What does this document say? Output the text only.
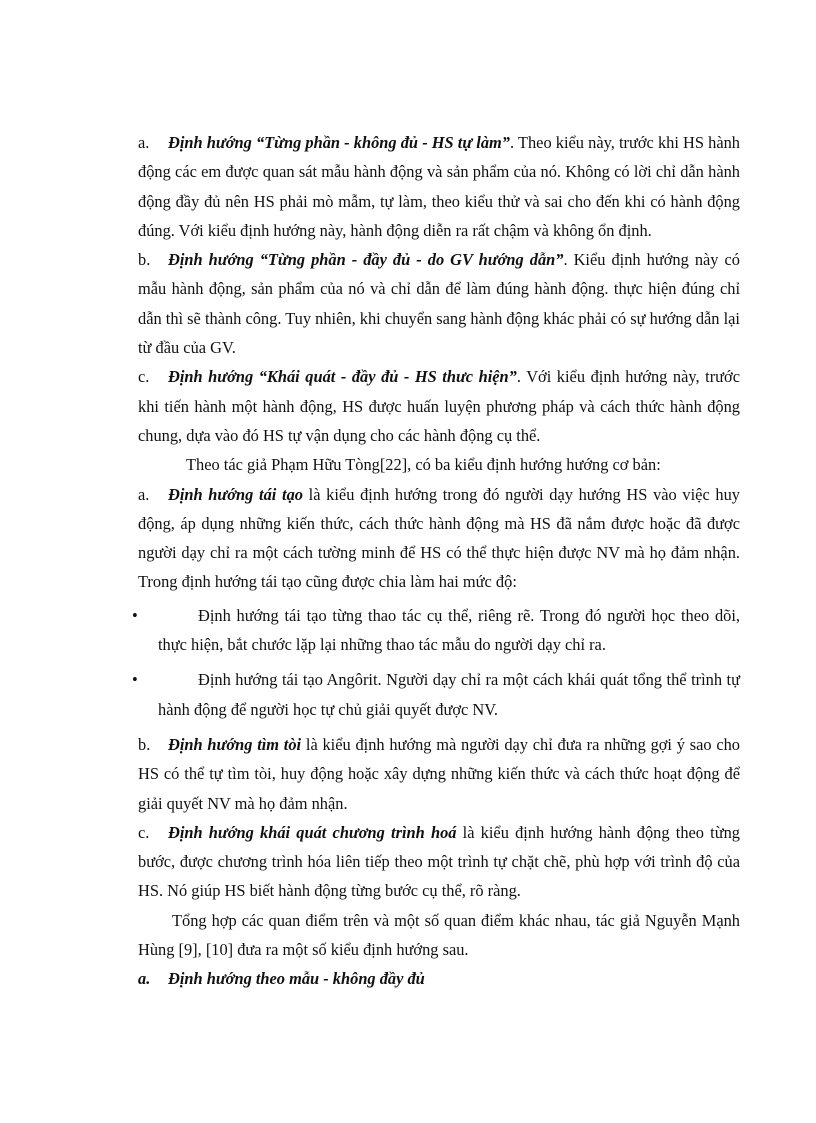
a. Định hướng “Từng phần - không đủ - HS tự làm”. Theo kiểu này, trước khi HS hành động các em được quan sát mẫu hành động và sản phẩm của nó. Không có lời chỉ dẫn hành động đầy đủ nên HS phải mò mẫm, tự làm, theo kiểu thử và sai cho đến khi có hành động đúng. Với kiểu định hướng này, hành động diễn ra rất chậm và không ổn định.

b. Định hướng “Từng phần - đầy đủ - do GV hướng dẫn”. Kiểu định hướng này có mẫu hành động, sản phẩm của nó và chỉ dẫn để làm đúng hành động. thực hiện đúng chỉ dẫn thì sẽ thành công. Tuy nhiên, khi chuyển sang hành động khác phải có sự hướng dẫn lại từ đầu của GV.

c. Định hướng “Khái quát - đầy đủ - HS thưc hiện”. Với kiểu định hướng này, trước khi tiến hành một hành động, HS được huấn luyện phương pháp và cách thức hành động chung, dựa vào đó HS tự vận dụng cho các hành động cụ thể.

Theo tác giả Phạm Hữu Tòng[22], có ba kiểu định hướng hướng cơ bản:

a. Định hướng tái tạo là kiểu định hướng trong đó người dạy hướng HS vào việc huy động, áp dụng những kiến thức, cách thức hành động mà HS đã nắm được hoặc đã được người dạy chỉ ra một cách tường minh để HS có thể thực hiện được NV mà họ đảm nhận. Trong định hướng tái tạo cũng được chia làm hai mức độ:

•	Định hướng tái tạo từng thao tác cụ thể, riêng rẽ. Trong đó người học theo dõi, thực hiện, bắt chước lặp lại những thao tác mẫu do người dạy chỉ ra.
•	Định hướng tái tạo Angôrit. Người dạy chỉ ra một cách khái quát tổng thể trình tự hành động để người học tự chủ giải quyết được NV.

b. Định hướng tìm tòi là kiểu định hướng mà người dạy chỉ đưa ra những gợi ý sao cho HS có thể tự tìm tòi, huy động hoặc xây dựng những kiến thức và cách thức hoạt động để giải quyết NV mà họ đảm nhận.

c. Định hướng khái quát chương trình hoá là kiểu định hướng hành động theo từng bước, được chương trình hóa liên tiếp theo một trình tự chặt chẽ, phù hợp với trình độ của HS. Nó giúp HS biết hành động từng bước cụ thể, rõ ràng.

Tổng hợp các quan điểm trên và một số quan điểm khác nhau, tác giả Nguyễn Mạnh Hùng [9], [10] đưa ra một số kiểu định hướng sau.

a. Định hướng theo mẫu - không đầy đủ
